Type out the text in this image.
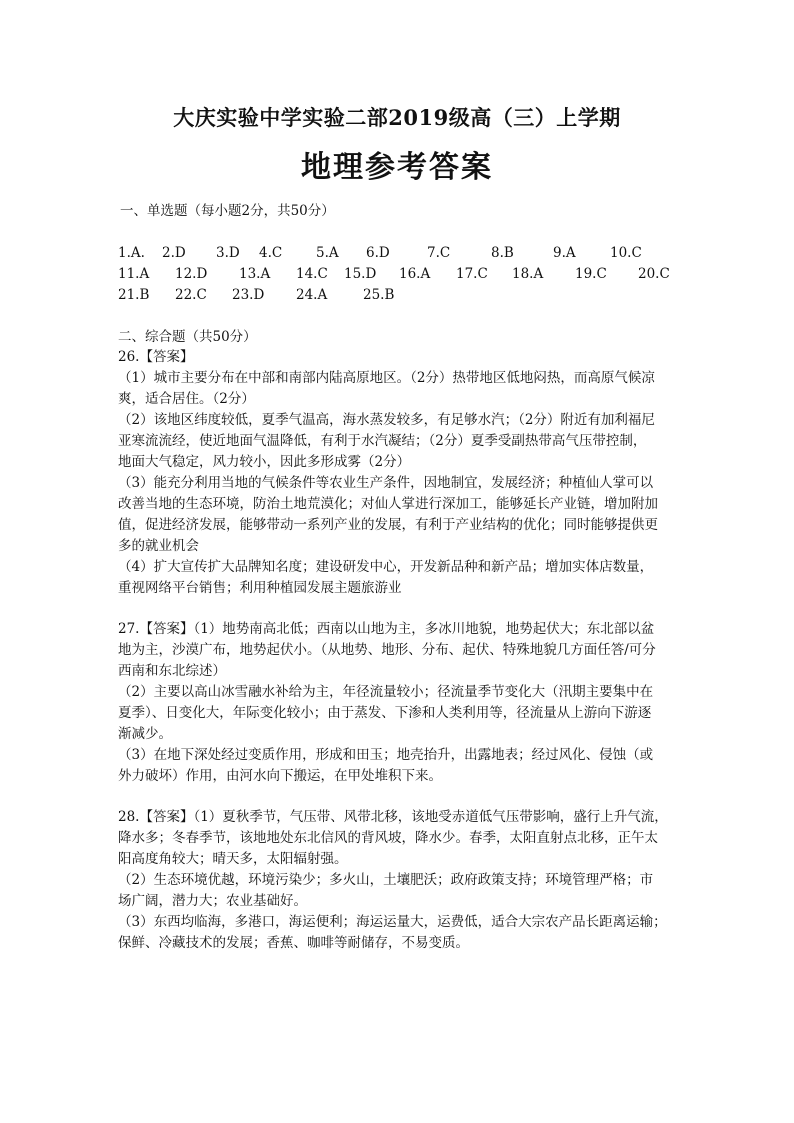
大庆实验中学实验二部2019级高（三）上学期
地理参考答案
一、单选题（每小题2分，共50分）
1.A. 2.D 3.D 4.C	5.A 6.D	7.C	8.B	9.A	10.C
11.A 12.D 13.A 14.C 15.D 16.A 17.C 18.A 19.C 20.C
21.B 22.C 23.D 24.A	25.B
二、综合题（共50分）
26.【答案】
（1）城市主要分布在中部和南部内陆高原地区。（2分）热带地区低地闷热，而高原气候凉
爽，适合居住。（2分）
（2）该地区纬度较低，夏季气温高，海水蒸发较多，有足够水汽；（2分）附近有加利福尼
亚寒流流经，使近地面气温降低，有利于水汽凝结；（2分）夏季受副热带高气压带控制，
地面大气稳定，风力较小，因此多形成雾（2分）
（3）能充分利用当地的气候条件等农业生产条件，因地制宜，发展经济；种植仙人掌可以
改善当地的生态环境，防治土地荒漠化；对仙人掌进行深加工，能够延长产业链，增加附加
值，促进经济发展，能够带动一系列产业的发展，有利于产业结构的优化；同时能够提供更
多的就业机会
（4）扩大宣传扩大品牌知名度；建设研发中心，开发新品种和新产品；增加实体店数量，
重视网络平台销售；利用种植园发展主题旅游业
27.【答案】（1）地势南高北低；西南以山地为主，多冰川地貌，地势起伏大；东北部以盆
地为主，沙漠广布，地势起伏小。（从地势、地形、分布、起伏、特殊地貌几方面任答/可分
西南和东北综述）
（2）主要以高山冰雪融水补给为主，年径流量较小；径流量季节变化大（汛期主要集中在
夏季）、日变化大，年际变化较小；由于蒸发、下渗和人类利用等，径流量从上游向下游逐
渐减少。
（3）在地下深处经过变质作用，形成和田玉；地壳抬升，出露地表；经过风化、侵蚀（或
外力破坏）作用，由河水向下搬运，在甲处堆积下来。
28.【答案】（1）夏秋季节，气压带、风带北移，该地受赤道低气压带影响，盛行上升气流，
降水多；冬春季节，该地地处东北信风的背风坡，降水少。春季，太阳直射点北移，正午太
阳高度角较大；晴天多，太阳辐射强。
（2）生态环境优越，环境污染少；多火山，土壤肥沃；政府政策支持；环境管理严格；市
场广阔，潜力大；农业基础好。
（3）东西均临海，多港口，海运便利；海运运量大，运费低，适合大宗农产品长距离运输；
保鲜、冷藏技术的发展；香蕉、咖啡等耐储存，不易变质。
